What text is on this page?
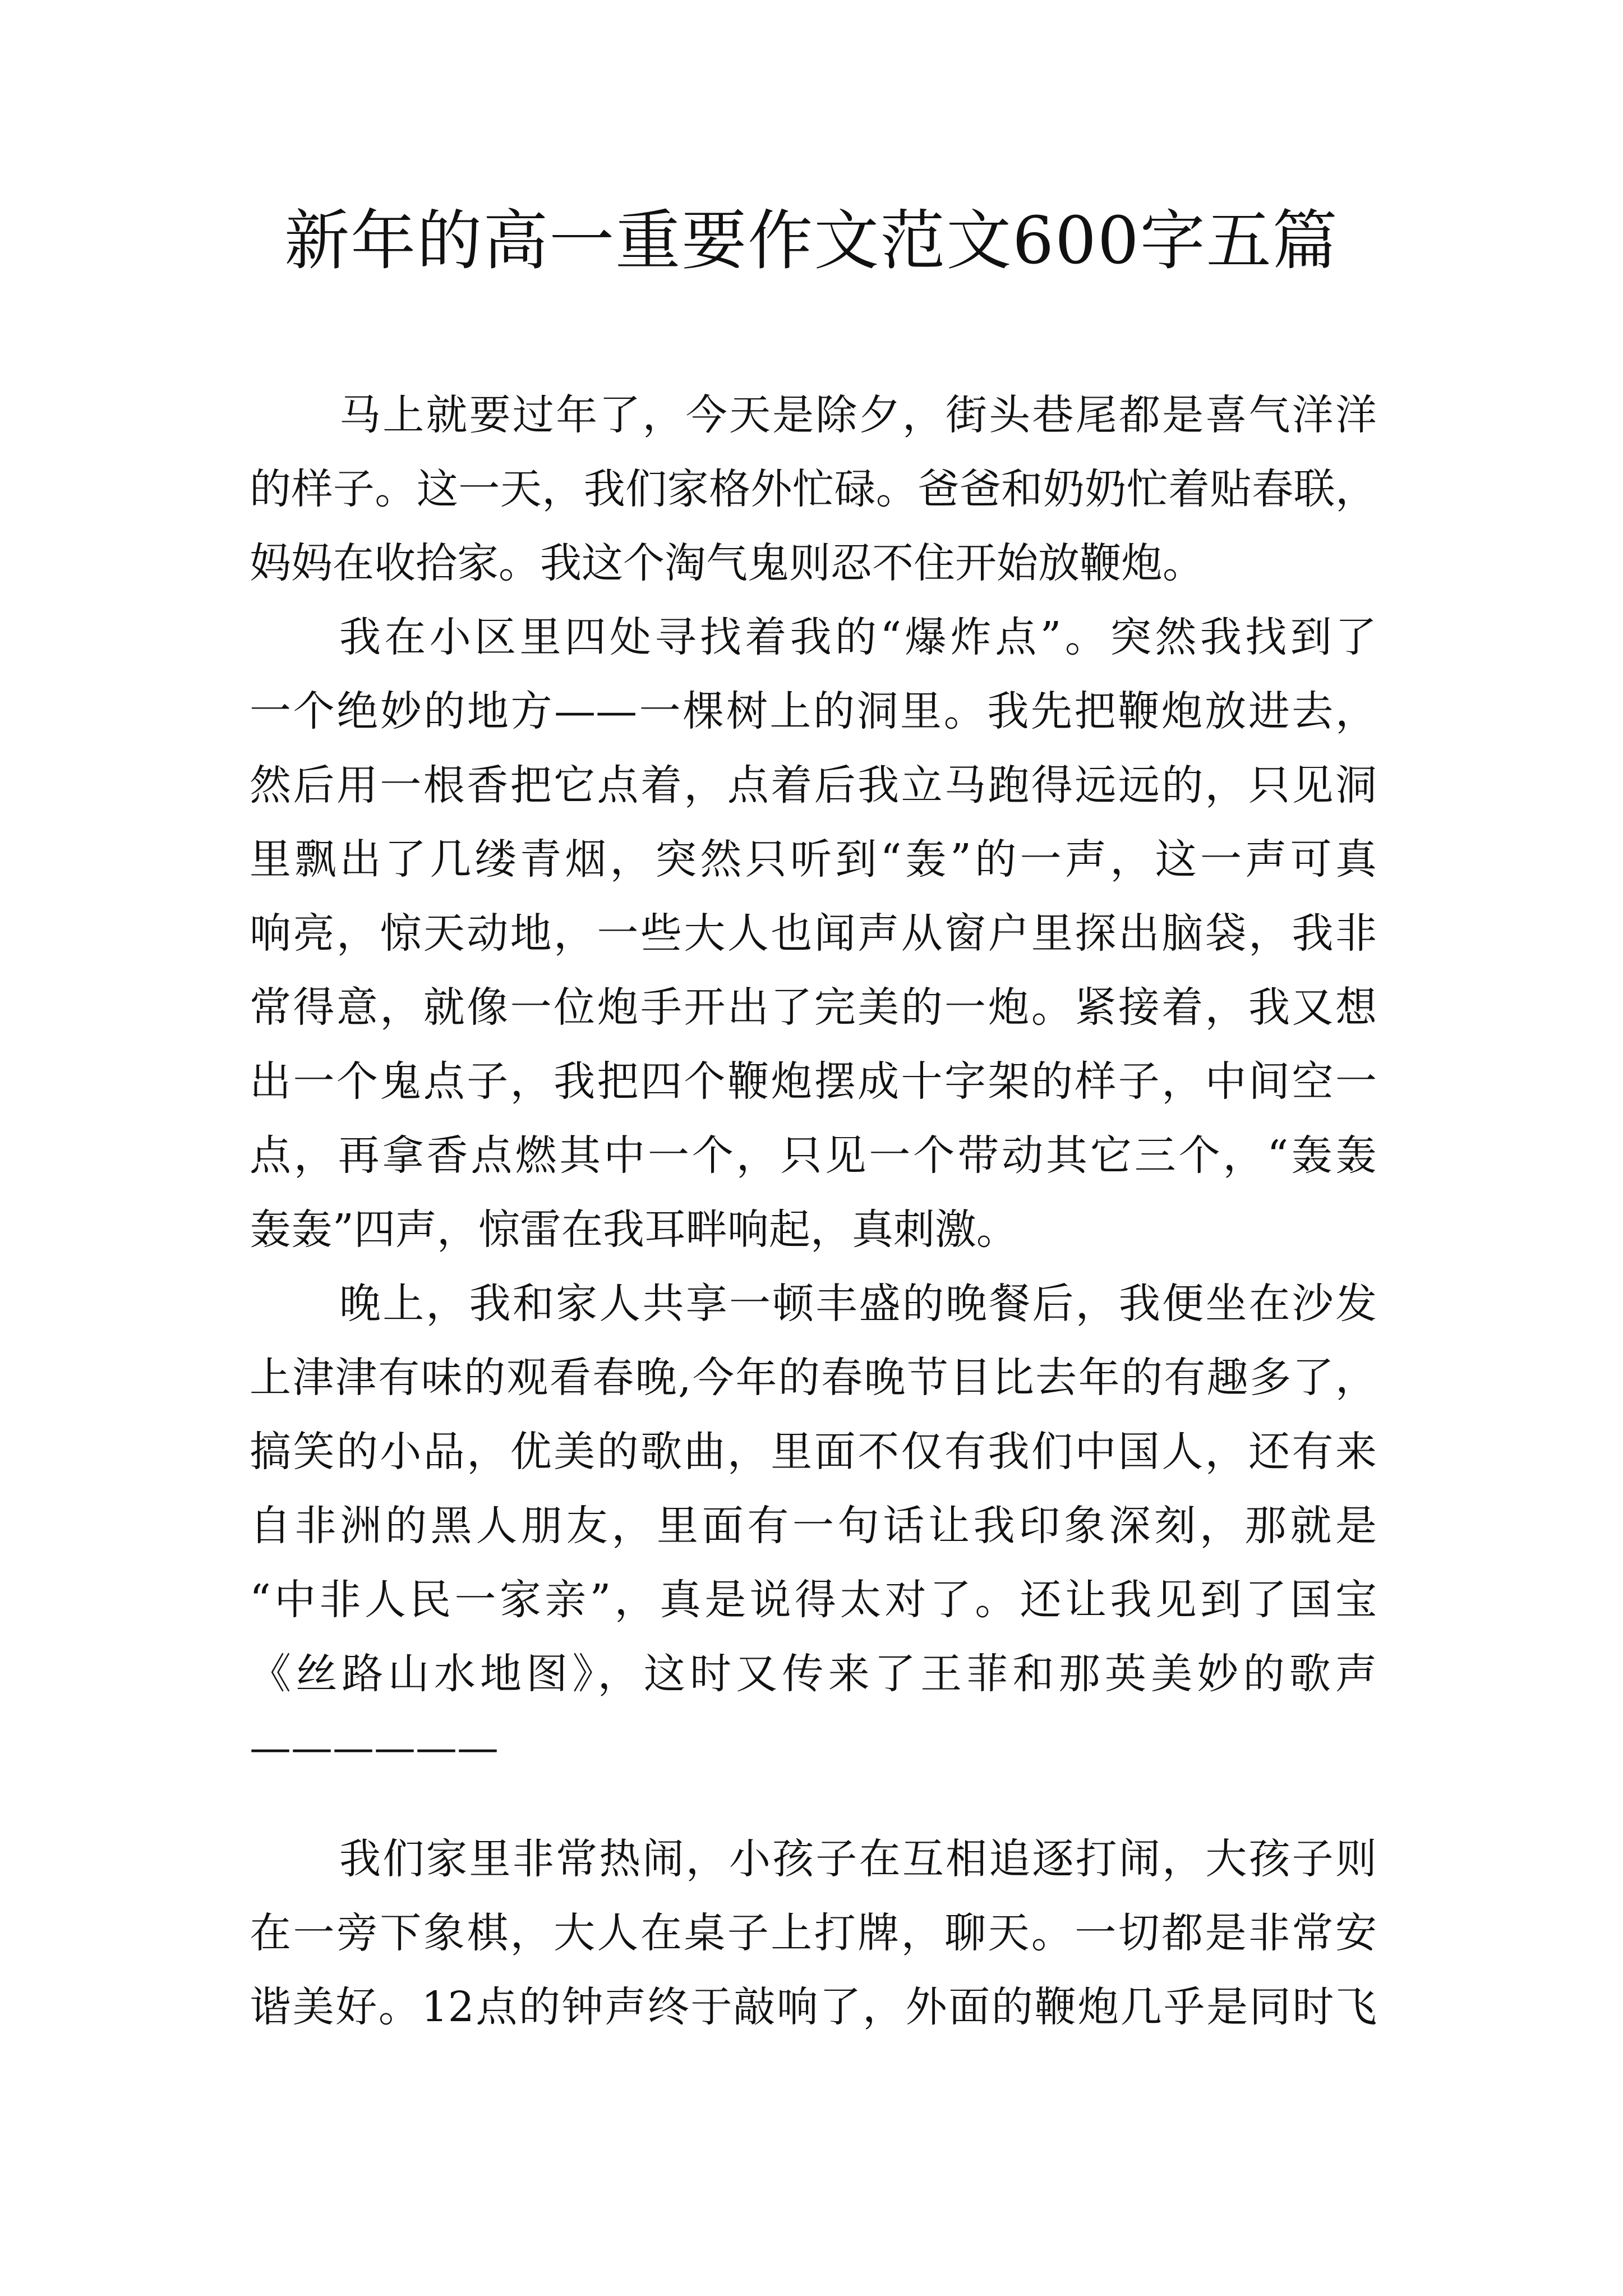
新年的高一重要作文范文600字五篇
马上就要过年了，今天是除夕，街头巷尾都是喜气洋洋
的样子。这一天，我们家格外忙碌。爸爸和奶奶忙着贴春联，
妈妈在收拾家。我这个淘气鬼则忍不住开始放鞭炮。
我在小区里四处寻找着我的“爆炸点”。突然我找到了
一个绝妙的地方——一棵树上的洞里。我先把鞭炮放进去，
然后用一根香把它点着，点着后我立马跑得远远的，只见洞
里飘出了几缕青烟，突然只听到“轰”的一声，这一声可真
响亮，惊天动地，一些大人也闻声从窗户里探出脑袋，我非
常得意，就像一位炮手开出了完美的一炮。紧接着，我又想
出一个鬼点子，我把四个鞭炮摆成十字架的样子，中间空一
点，再拿香点燃其中一个，只见一个带动其它三个，“轰轰
轰轰”四声，惊雷在我耳畔响起，真刺激。
晚上，我和家人共享一顿丰盛的晚餐后，我便坐在沙发
上津津有味的观看春晚,今年的春晚节目比去年的有趣多了，
搞笑的小品，优美的歌曲，里面不仅有我们中国人，还有来
自非洲的黑人朋友，里面有一句话让我印象深刻，那就是
“中非人民一家亲”，真是说得太对了。还让我见到了国宝
《丝路山水地图》，这时又传来了王菲和那英美妙的歌声
——————
我们家里非常热闹，小孩子在互相追逐打闹，大孩子则
在一旁下象棋，大人在桌子上打牌，聊天。一切都是非常安
谐美好。12点的钟声终于敲响了，外面的鞭炮几乎是同时飞
